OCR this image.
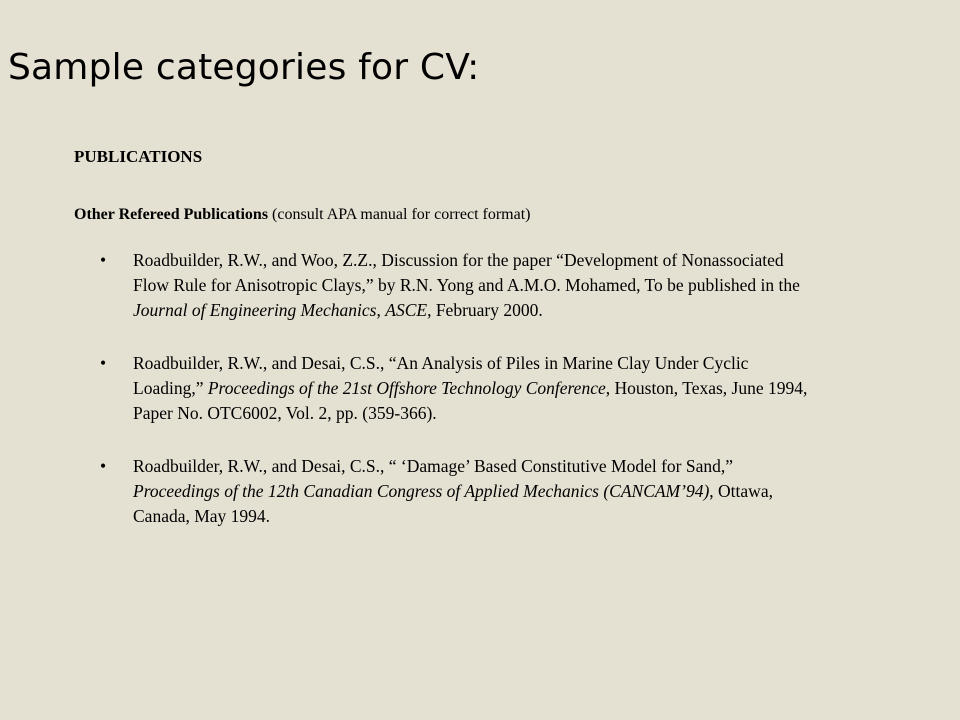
Sample categories for CV:
PUBLICATIONS

Other Refereed Publications (consult APA manual for correct format)

•	Roadbuilder, R.W., and Woo, Z.Z., Discussion for the paper “Development of Nonassociated Flow Rule for Anisotropic Clays,” by R.N. Yong and A.M.O. Mohamed, To be published in the Journal of Engineering Mechanics, ASCE, February 2000.
•	Roadbuilder, R.W., and Desai, C.S., “An Analysis of Piles in Marine Clay Under Cyclic Loading,” Proceedings of the 21st Offshore Technology Conference, Houston, Texas, June 1994, Paper No. OTC6002, Vol. 2, pp. (359-366).
•	Roadbuilder, R.W., and Desai, C.S., “ ‘Damage’ Based Constitutive Model for Sand,” Proceedings of the 12th Canadian Congress of Applied Mechanics (CANCAM’94), Ottawa, Canada, May 1994.
